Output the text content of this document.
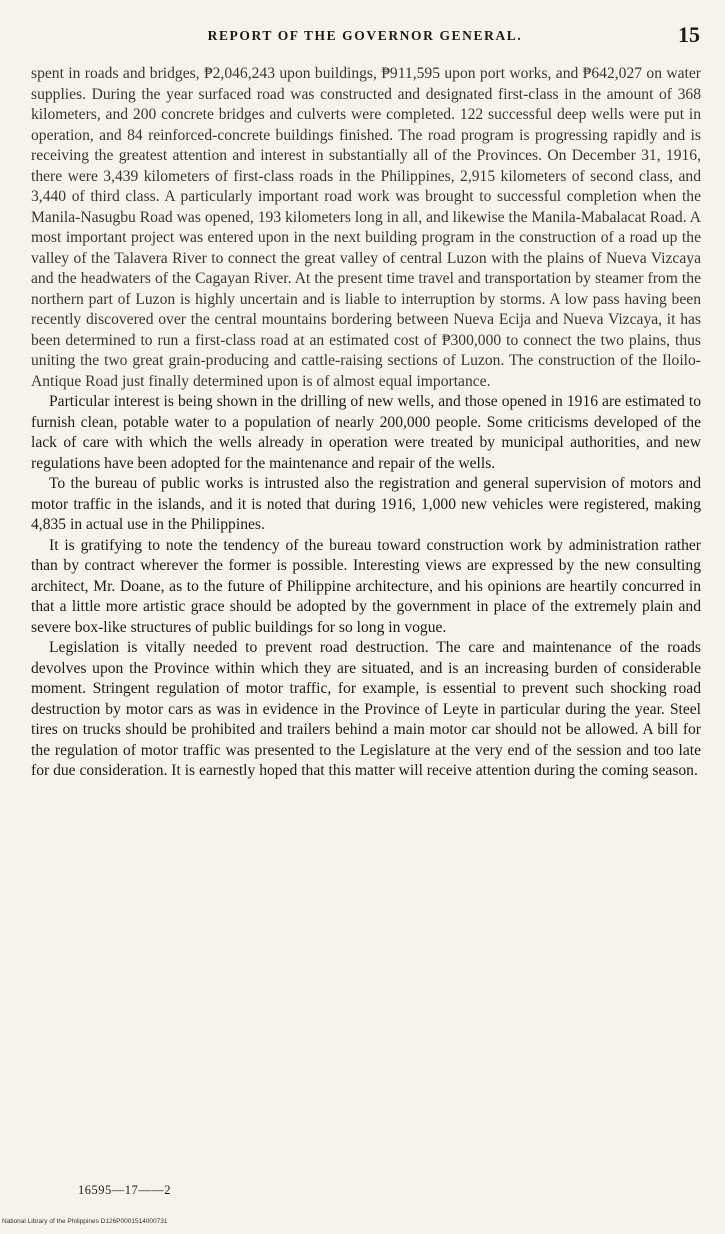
REPORT OF THE GOVERNOR GENERAL.	15

spent in roads and bridges, ₱2,046,243 upon buildings, ₱911,595 upon port works, and ₱642,027 on water supplies. During the year surfaced road was constructed and designated first-class in the amount of 368 kilometers, and 200 concrete bridges and culverts were completed. 122 successful deep wells were put in operation, and 84 reinforced-concrete buildings finished. The road program is progressing rapidly and is receiving the greatest attention and interest in substantially all of the Provinces. On December 31, 1916, there were 3,439 kilometers of first-class roads in the Philippines, 2,915 kilometers of second class, and 3,440 of third class. A particularly important road work was brought to successful completion when the Manila-Nasugbu Road was opened, 193 kilometers long in all, and likewise the Manila-Mabalacat Road. A most important project was entered upon in the next building program in the construction of a road up the valley of the Talavera River to connect the great valley of central Luzon with the plains of Nueva Vizcaya and the headwaters of the Cagayan River. At the present time travel and transportation by steamer from the northern part of Luzon is highly uncertain and is liable to interruption by storms. A low pass having been recently discovered over the central mountains bordering between Nueva Ecija and Nueva Vizcaya, it has been determined to run a first-class road at an estimated cost of ₱300,000 to connect the two plains, thus uniting the two great grain-producing and cattle-raising sections of Luzon. The construction of the Iloilo-Antique Road just finally determined upon is of almost equal importance.

Particular interest is being shown in the drilling of new wells, and those opened in 1916 are estimated to furnish clean, potable water to a population of nearly 200,000 people. Some criticisms developed of the lack of care with which the wells already in operation were treated by municipal authorities, and new regulations have been adopted for the maintenance and repair of the wells.

To the bureau of public works is intrusted also the registration and general supervision of motors and motor traffic in the islands, and it is noted that during 1916, 1,000 new vehicles were registered, making 4,835 in actual use in the Philippines.

It is gratifying to note the tendency of the bureau toward construction work by administration rather than by contract wherever the former is possible. Interesting views are expressed by the new consulting architect, Mr. Doane, as to the future of Philippine architecture, and his opinions are heartily concurred in that a little more artistic grace should be adopted by the government in place of the extremely plain and severe box-like structures of public buildings for so long in vogue.

Legislation is vitally needed to prevent road destruction. The care and maintenance of the roads devolves upon the Province within which they are situated, and is an increasing burden of considerable moment. Stringent regulation of motor traffic, for example, is essential to prevent such shocking road destruction by motor cars as was in evidence in the Province of Leyte in particular during the year. Steel tires on trucks should be prohibited and trailers behind a main motor car should not be allowed. A bill for the regulation of motor traffic was presented to the Legislature at the very end of the session and too late for due consideration. It is earnestly hoped that this matter will receive attention during the coming season.

16595—17——2
National Library of the Philippines D126P0001514000731
